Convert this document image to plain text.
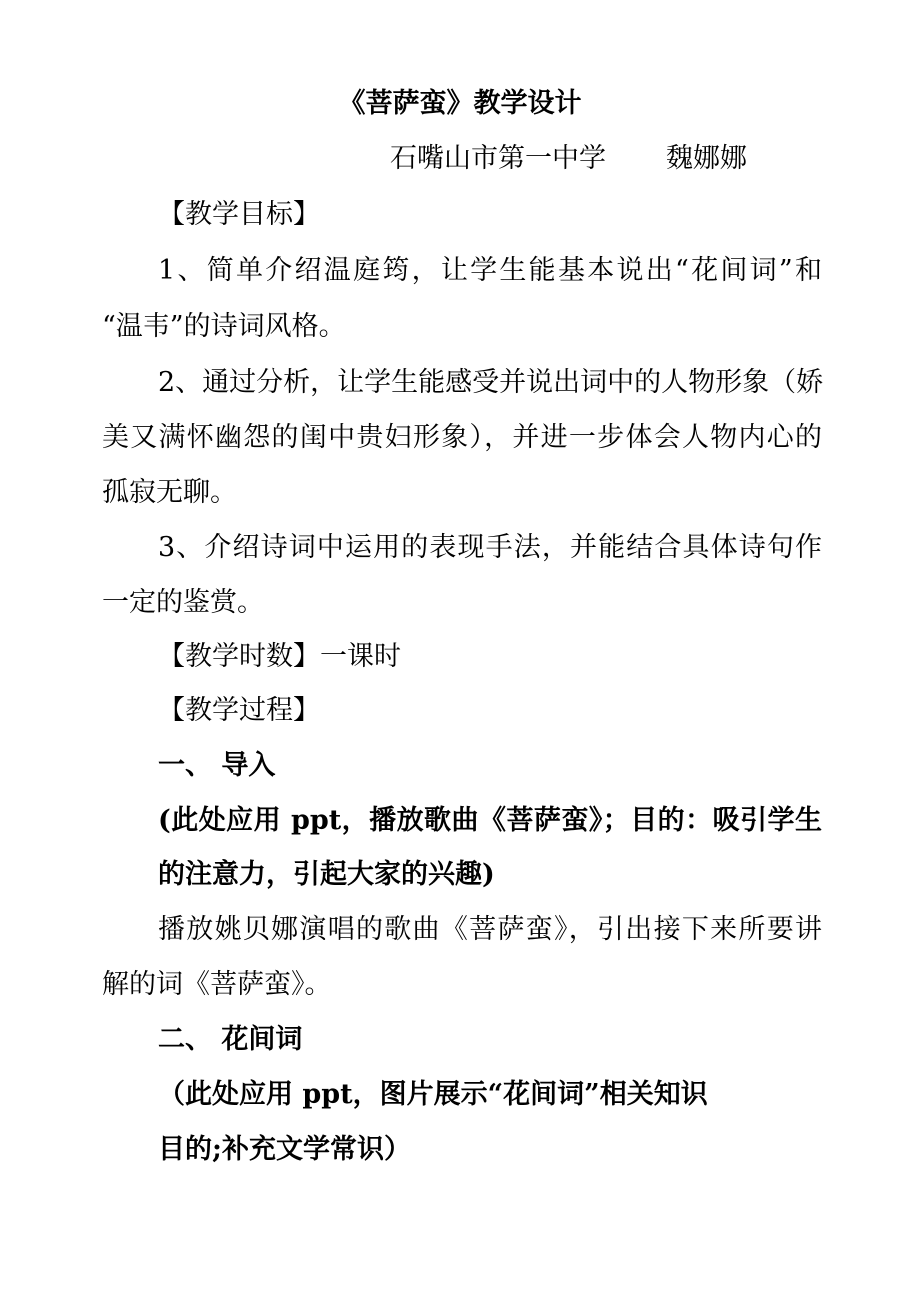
《菩萨蛮》教学设计
石嘴山市第一中学 魏娜娜
【教学目标】
1、简单介绍温庭筠，让学生能基本说出“花间词”和
“温韦”的诗词风格。
2、通过分析，让学生能感受并说出词中的人物形象（娇
美又满怀幽怨的闺中贵妇形象），并进一步体会人物内心的
孤寂无聊。
3、介绍诗词中运用的表现手法，并能结合具体诗句作
一定的鉴赏。
【教学时数】一课时
【教学过程】
一、 导入
(此处应用 ppt，播放歌曲《菩萨蛮》；目的：吸引学生
的注意力，引起大家的兴趣)
播放姚贝娜演唱的歌曲《菩萨蛮》，引出接下来所要讲
解的词《菩萨蛮》。
二、 花间词
（此处应用 ppt，图片展示“花间词”相关知识
目的;补充文学常识）
